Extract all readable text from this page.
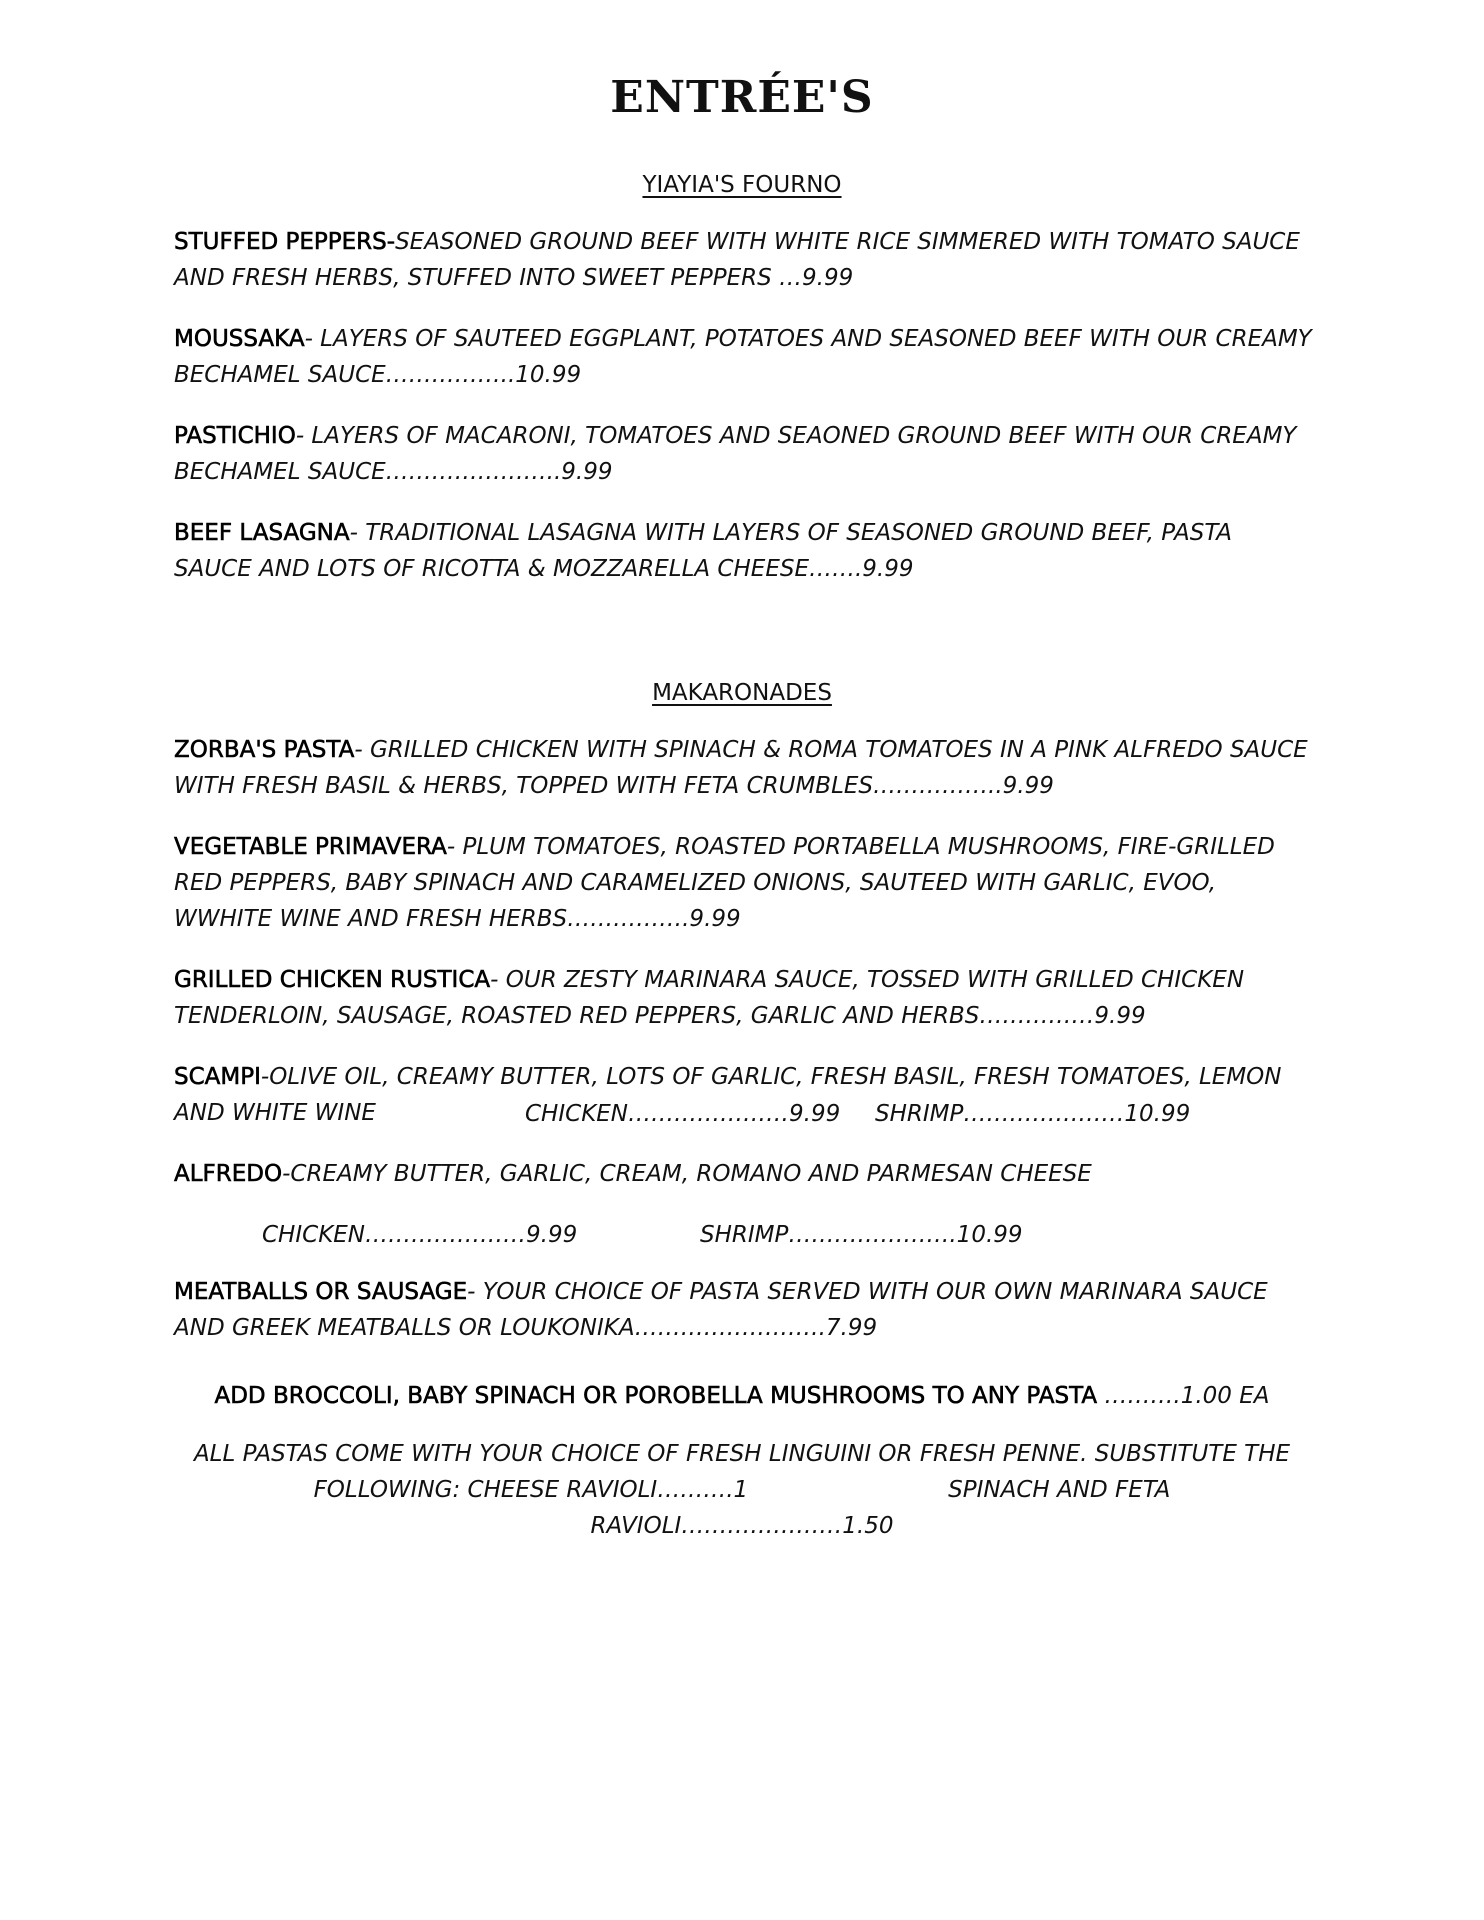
ENTRÉE'S
YIAYIA'S FOURNO
STUFFED PEPPERS-SEASONED GROUND BEEF WITH WHITE RICE SIMMERED WITH TOMATO SAUCE AND FRESH HERBS, STUFFED INTO SWEET PEPPERS …9.99
MOUSSAKA- LAYERS OF SAUTEED EGGPLANT, POTATOES AND SEASONED BEEF WITH OUR CREAMY BECHAMEL SAUCE……………..10.99
PASTICHIO- LAYERS OF MACARONI, TOMATOES AND SEAONED GROUND BEEF WITH OUR CREAMY BECHAMEL SAUCE…………………..9.99
BEEF LASAGNA- TRADITIONAL LASAGNA WITH LAYERS OF SEASONED GROUND BEEF, PASTA SAUCE AND LOTS OF RICOTTA & MOZZARELLA CHEESE…….9.99
MAKARONADES
ZORBA'S PASTA- GRILLED CHICKEN WITH SPINACH & ROMA TOMATOES IN A PINK ALFREDO SAUCE WITH FRESH BASIL & HERBS, TOPPED WITH FETA CRUMBLES……………..9.99
VEGETABLE PRIMAVERA- PLUM TOMATOES, ROASTED PORTABELLA MUSHROOMS, FIRE-GRILLED RED PEPPERS, BABY SPINACH AND CARAMELIZED ONIONS, SAUTEED WITH GARLIC, EVOO, WWHITE WINE AND FRESH HERBS…………….9.99
GRILLED CHICKEN RUSTICA- OUR ZESTY MARINARA SAUCE, TOSSED WITH GRILLED CHICKEN TENDERLOIN, SAUSAGE, ROASTED RED PEPPERS, GARLIC AND HERBS……………9.99
SCAMPI-OLIVE OIL, CREAMY BUTTER, LOTS OF GARLIC, FRESH BASIL, FRESH TOMATOES, LEMON AND WHITE WINE	CHICKEN…………………9.99 SHRIMP…………………10.99
ALFREDO-CREAMY BUTTER, GARLIC, CREAM, ROMANO AND PARMESAN CHEESE
CHICKEN…………………9.99	SHRIMP………………….10.99
MEATBALLS OR SAUSAGE- YOUR CHOICE OF PASTA SERVED WITH OUR OWN MARINARA SAUCE AND GREEK MEATBALLS OR LOUKONIKA…………………….7.99
ADD BROCCOLI, BABY SPINACH OR POROBELLA MUSHROOMS TO ANY PASTA ……….1.00 EA
ALL PASTAS COME WITH YOUR CHOICE OF FRESH LINGUINI OR FRESH PENNE. SUBSTITUTE THE
FOLLOWING: CHEESE RAVIOLI……….1	SPINACH AND FETA RAVIOLI…………………1.50
